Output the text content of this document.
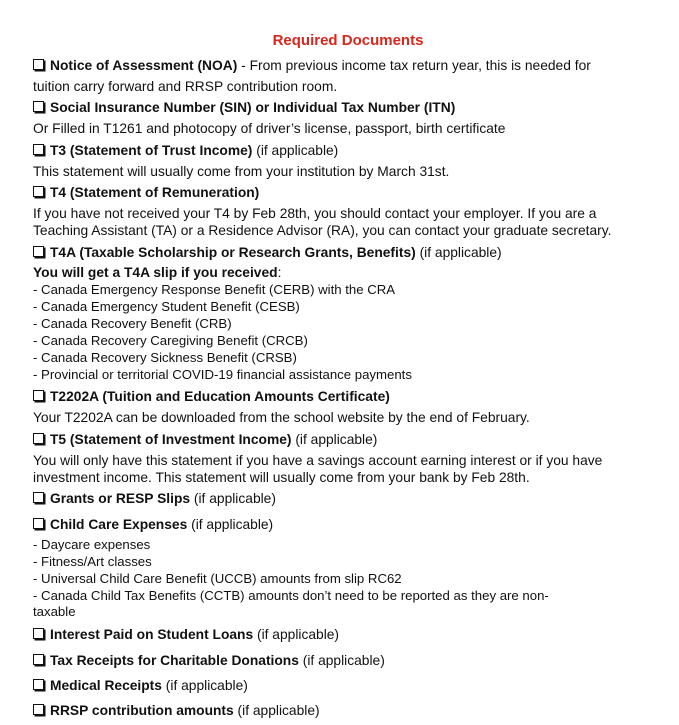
Required Documents
Notice of Assessment (NOA) - From previous income tax return year, this is needed for
tuition carry forward and RRSP contribution room.
Social Insurance Number (SIN) or Individual Tax Number (ITN)
Or Filled in T1261 and photocopy of driver’s license, passport, birth certificate
T3 (Statement of Trust Income) (if applicable)
This statement will usually come from your institution by March 31st.
T4 (Statement of Remuneration)
If you have not received your T4 by Feb 28th, you should contact your employer. If you are a
Teaching Assistant (TA) or a Residence Advisor (RA), you can contact your graduate secretary.
T4A (Taxable Scholarship or Research Grants, Benefits) (if applicable)
You will get a T4A slip if you received:
- Canada Emergency Response Benefit (CERB) with the CRA
- Canada Emergency Student Benefit (CESB)
- Canada Recovery Benefit (CRB)
- Canada Recovery Caregiving Benefit (CRCB)
- Canada Recovery Sickness Benefit (CRSB)
- Provincial or territorial COVID-19 financial assistance payments
T2202A (Tuition and Education Amounts Certificate)
Your T2202A can be downloaded from the school website by the end of February.
T5 (Statement of Investment Income) (if applicable)
You will only have this statement if you have a savings account earning interest or if you have
investment income. This statement will usually come from your bank by Feb 28th.
Grants or RESP Slips (if applicable)
Child Care Expenses (if applicable)
- Daycare expenses
- Fitness/Art classes
- Universal Child Care Benefit (UCCB) amounts from slip RC62
- Canada Child Tax Benefits (CCTB) amounts don’t need to be reported as they are non-
taxable
Interest Paid on Student Loans (if applicable)
Tax Receipts for Charitable Donations (if applicable)
Medical Receipts (if applicable)
RRSP contribution amounts (if applicable)
